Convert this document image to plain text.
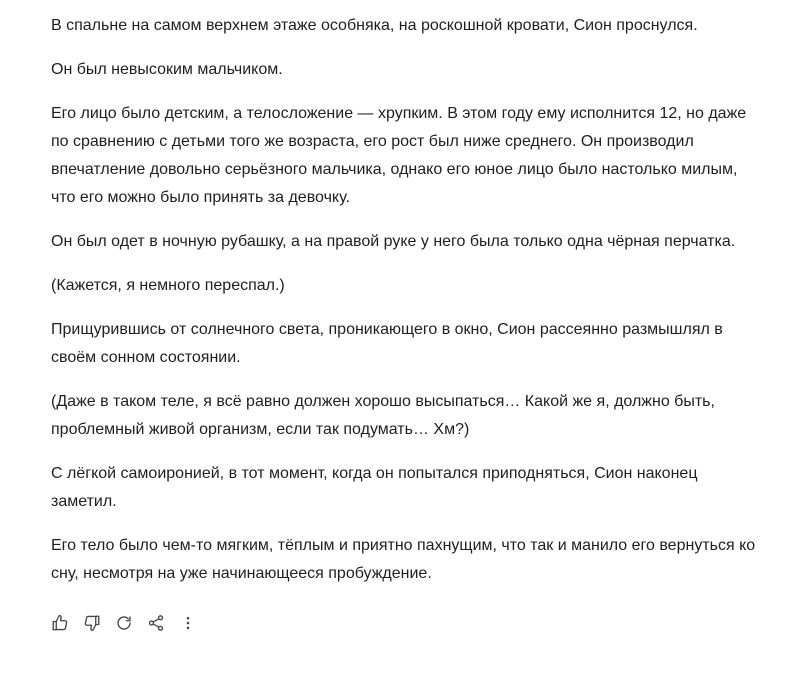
В спальне на самом верхнем этаже особняка, на роскошной кровати, Сион проснулся.

Он был невысоким мальчиком.

Его лицо было детским, а телосложение — хрупким. В этом году ему исполнится 12, но даже по сравнению с детьми того же возраста, его рост был ниже среднего. Он производил впечатление довольно серьёзного мальчика, однако его юное лицо было настолько милым, что его можно было принять за девочку.

Он был одет в ночную рубашку, а на правой руке у него была только одна чёрная перчатка.

(Кажется, я немного переспал.)

Прищурившись от солнечного света, проникающего в окно, Сион рассеянно размышлял в своём сонном состоянии.

(Даже в таком теле, я всё равно должен хорошо высыпаться… Какой же я, должно быть, проблемный живой организм, если так подумать… Хм?)

С лёгкой самоиронией, в тот момент, когда он попытался приподняться, Сион наконец заметил.

Его тело было чем-то мягким, тёплым и приятно пахнущим, что так и манило его вернуться ко сну, несмотря на уже начинающееся пробуждение.
